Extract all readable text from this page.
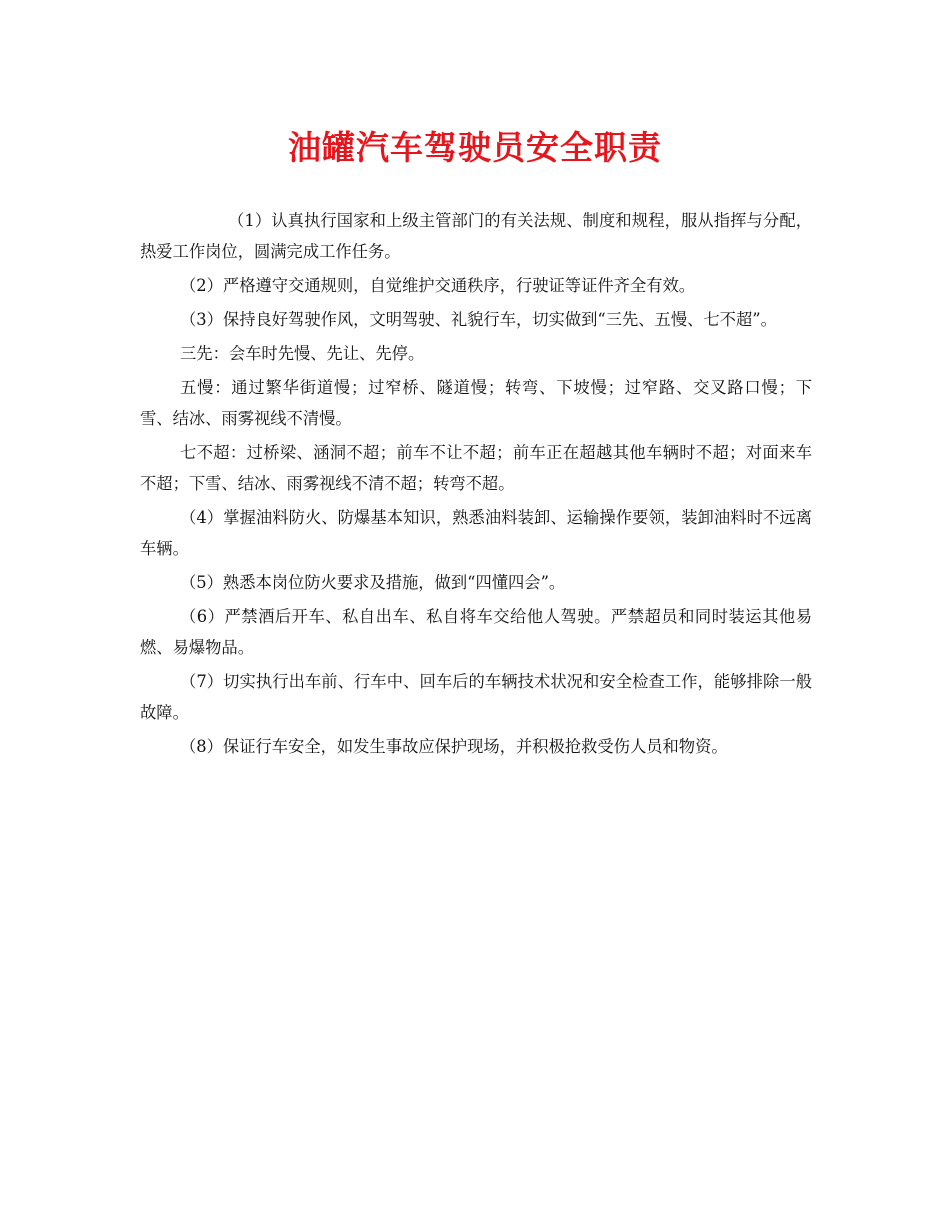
油罐汽车驾驶员安全职责

（1）认真执行国家和上级主管部门的有关法规、制度和规程，服从指挥与分配，热爱工作岗位，圆满完成工作任务。

（2）严格遵守交通规则，自觉维护交通秩序，行驶证等证件齐全有效。

（3）保持良好驾驶作风，文明驾驶、礼貌行车，切实做到“三先、五慢、七不超”。

三先：会车时先慢、先让、先停。

五慢：通过繁华街道慢；过窄桥、隧道慢；转弯、下坡慢；过窄路、交叉路口慢；下雪、结冰、雨雾视线不清慢。

七不超：过桥梁、涵洞不超；前车不让不超；前车正在超越其他车辆时不超；对面来车不超；下雪、结冰、雨雾视线不清不超；转弯不超。

（4）掌握油料防火、防爆基本知识，熟悉油料装卸、运输操作要领，装卸油料时不远离车辆。

（5）熟悉本岗位防火要求及措施，做到“四懂四会”。

（6）严禁酒后开车、私自出车、私自将车交给他人驾驶。严禁超员和同时装运其他易燃、易爆物品。

（7）切实执行出车前、行车中、回车后的车辆技术状况和安全检查工作，能够排除一般故障。

（8）保证行车安全，如发生事故应保护现场，并积极抢救受伤人员和物资。
